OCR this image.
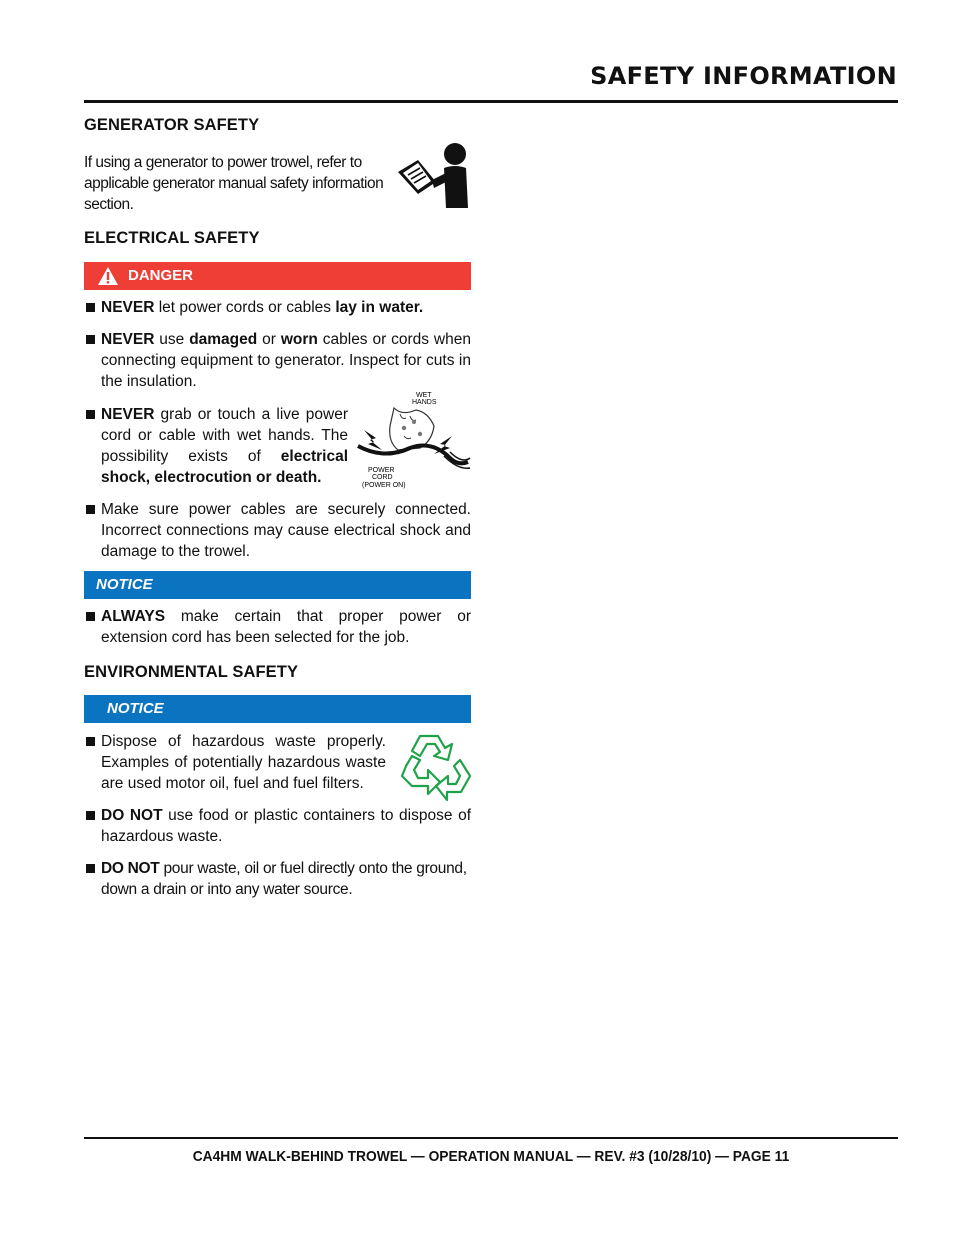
SAFETY INFORMATION
GENERATOR SAFETY
If using a generator to power trowel, refer to applicable generator manual safety information section.
ELECTRICAL SAFETY
DANGER
NEVER let power cords or cables lay in water.
NEVER use damaged or worn cables or cords when connecting equipment to generator. Inspect for cuts in the insulation.
NEVER grab or touch a live power cord or cable with wet hands. The possibility exists of electrical shock, electrocution or death.
WET
HANDS
POWER
CORD
(POWER ON)
Make sure power cables are securely connected. Incorrect connections may cause electrical shock and damage to the trowel.
NOTICE
ALWAYS make certain that proper power or extension cord has been selected for the job.
ENVIRONMENTAL SAFETY
NOTICE
Dispose of hazardous waste properly. Examples of potentially hazardous waste are used motor oil, fuel and fuel filters.
DO NOT use food or plastic containers to dispose of hazardous waste.
DO NOT pour waste, oil or fuel directly onto the ground, down a drain or into any water source.
CA4HM WALK-BEHIND TROWEL — OPERATION MANUAL — REV. #3 (10/28/10) — PAGE 11
